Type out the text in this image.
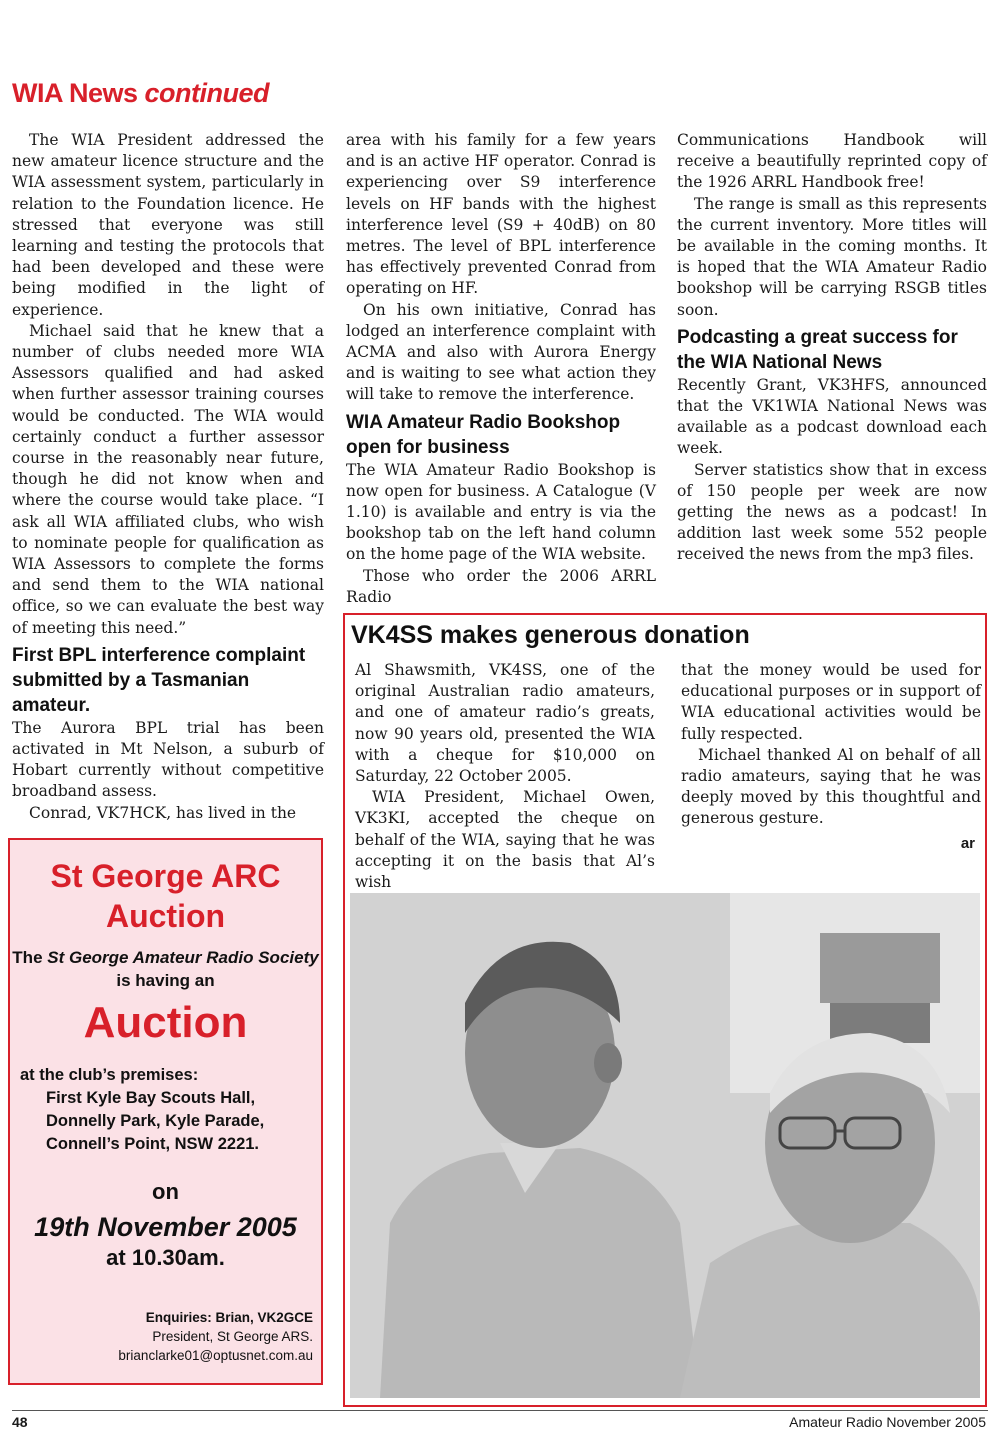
WIA News continued

The WIA President addressed the new amateur licence structure and the WIA assessment system, particularly in relation to the Foundation licence. He stressed that everyone was still learning and testing the protocols that had been developed and these were being modified in the light of experience.

Michael said that he knew that a number of clubs needed more WIA Assessors qualified and had asked when further assessor training courses would be conducted. The WIA would certainly conduct a further assessor course in the reasonably near future, though he did not know when and where the course would take place. “I ask all WIA affiliated clubs, who wish to nominate people for qualification as WIA Assessors to complete the forms and send them to the WIA national office, so we can evaluate the best way of meeting this need.”

First BPL interference complaint submitted by a Tasmanian amateur.

The Aurora BPL trial has been activated in Mt Nelson, a suburb of Hobart currently without competitive broadband assess.

Conrad, VK7HCK, has lived in the

area with his family for a few years and is an active HF operator. Conrad is experiencing over S9 interference levels on HF bands with the highest interference level (S9 + 40dB) on 80 metres. The level of BPL interference has effectively prevented Conrad from operating on HF.

On his own initiative, Conrad has lodged an interference complaint with ACMA and also with Aurora Energy and is waiting to see what action they will take to remove the interference.

WIA Amateur Radio Bookshop open for business

The WIA Amateur Radio Bookshop is now open for business. A Catalogue (V 1.10) is available and entry is via the bookshop tab on the left hand column on the home page of the WIA website.

Those who order the 2006 ARRL Radio

Communications Handbook will receive a beautifully reprinted copy of the 1926 ARRL Handbook free!

The range is small as this represents the current inventory. More titles will be available in the coming months. It is hoped that the WIA Amateur Radio bookshop will be carrying RSGB titles soon.

Podcasting a great success for the WIA National News

Recently Grant, VK3HFS, announced that the VK1WIA National News was available as a podcast download each week.

Server statistics show that in excess of 150 people per week are now getting the news as a podcast! In addition last week some 552 people received the news from the mp3 files.

VK4SS makes generous donation

Al Shawsmith, VK4SS, one of the original Australian radio amateurs, and one of amateur radio’s greats, now 90 years old, presented the WIA with a cheque for $10,000 on Saturday, 22 October 2005.

WIA President, Michael Owen, VK3KI, accepted the cheque on behalf of the WIA, saying that he was accepting it on the basis that Al’s wish

that the money would be used for educational purposes or in support of WIA educational activities would be fully respected.

Michael thanked Al on behalf of all radio amateurs, saying that he was deeply moved by this thoughtful and generous gesture.

ar
St George ARC
Auction
The St George Amateur Radio Society is having an
Auction
at the club’s premises:
First Kyle Bay Scouts Hall,
Donnelly Park, Kyle Parade,
Connell’s Point, NSW 2221.
on
19th November 2005
at 10.30am.
Enquiries: Brian, VK2GCE
President, St George ARS.
brianclarke01@optusnet.com.au
48	Amateur Radio November 2005
